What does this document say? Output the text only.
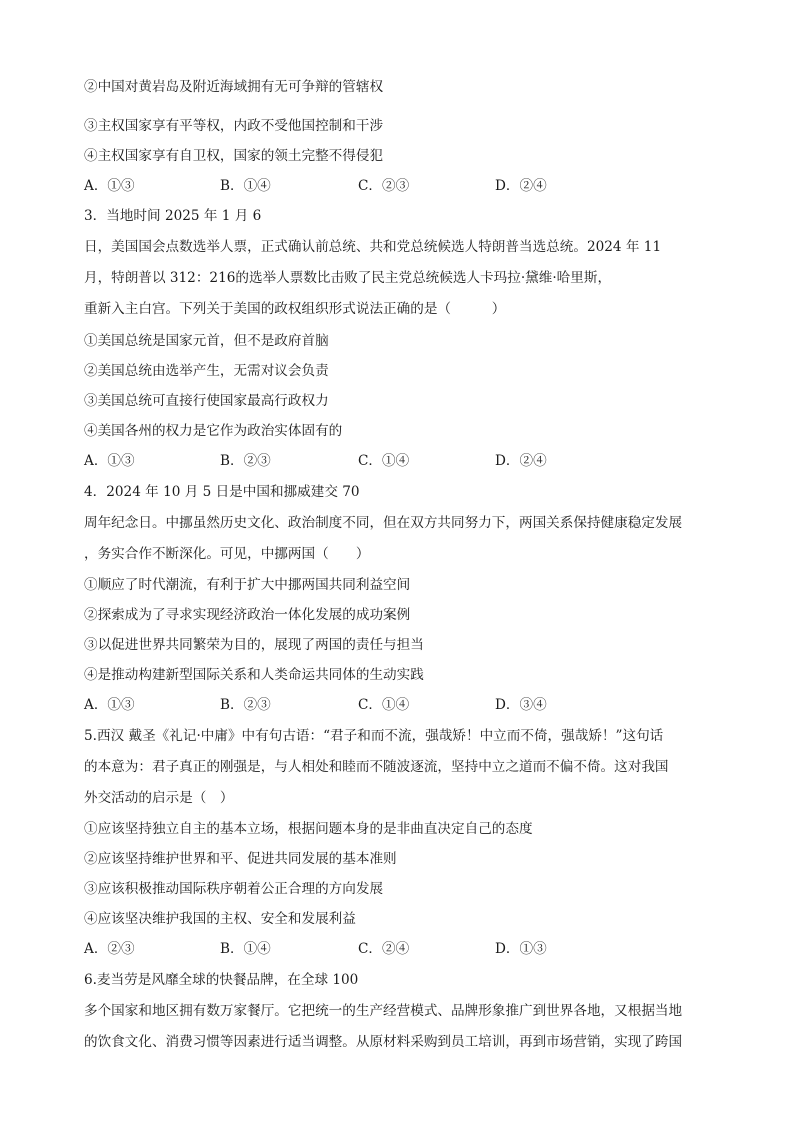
②中国对黄岩岛及附近海域拥有无可争辩的管辖权

③主权国家享有平等权，内政不受他国控制和干涉

④主权国家享有自卫权，国家的领土完整不得侵犯

A．①③	B．①④	C．②③	D．②④

3．当地时间 2025 年 1 月 6

日，美国国会点数选举人票，正式确认前总统、共和党总统候选人特朗普当选总统。2024 年 11

月，特朗普以 312：216的选举人票数比击败了民主党总统候选人卡玛拉·黛维·哈里斯，

重新入主白宫。下列关于美国的政权组织形式说法正确的是（　　　）

①美国总统是国家元首，但不是政府首脑

②美国总统由选举产生，无需对议会负责

③美国总统可直接行使国家最高行政权力

④美国各州的权力是它作为政治实体固有的

A．①③	B．②③	C．①④	D．②④

4．2024 年 10 月 5 日是中国和挪威建交 70

周年纪念日。中挪虽然历史文化、政治制度不同，但在双方共同努力下，两国关系保持健康稳定发展

，务实合作不断深化。可见，中挪两国（　　）

①顺应了时代潮流，有利于扩大中挪两国共同利益空间

②探索成为了寻求实现经济政治一体化发展的成功案例

③以促进世界共同繁荣为目的，展现了两国的责任与担当

④是推动构建新型国际关系和人类命运共同体的生动实践

A．①③	B．②③	C．①④	D．③④

5.西汉 戴圣《礼记·中庸》中有句古语：“君子和而不流，强哉矫！中立而不倚，强哉矫！”这句话

的本意为：君子真正的刚强是，与人相处和睦而不随波逐流，坚持中立之道而不偏不倚。这对我国

外交活动的启示是（　）

①应该坚持独立自主的基本立场，根据问题本身的是非曲直决定自己的态度

②应该坚持维护世界和平、促进共同发展的基本准则

③应该积极推动国际秩序朝着公正合理的方向发展

④应该坚决维护我国的主权、安全和发展利益

A．②③	B．①④	C．②④	D．①③

6.麦当劳是风靡全球的快餐品牌，在全球 100

多个国家和地区拥有数万家餐厅。它把统一的生产经营模式、品牌形象推广到世界各地，又根据当地

的饮食文化、消费习惯等因素进行适当调整。从原材料采购到员工培训，再到市场营销，实现了跨国
